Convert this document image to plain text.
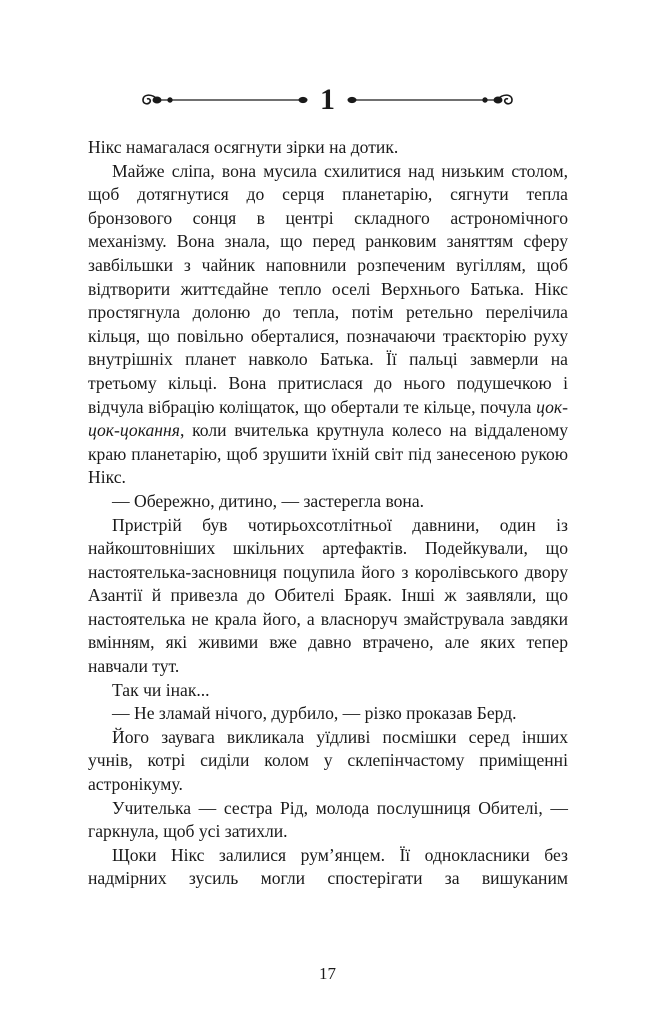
1

Нікс намагалася осягнути зірки на дотик.

Майже сліпа, вона мусила схилитися над низьким столом, щоб дотягнутися до серця планетарію, сягнути тепла бронзового сонця в центрі складного астрономічного механізму. Вона знала, що перед ранковим заняттям сферу завбільшки з чайник наповнили розпеченим вугіллям, щоб відтворити життєдайне тепло оселі Верхнього Батька. Нікс простягнула долоню до тепла, потім ретельно перелічила кільця, що повільно оберталися, позначаючи траєкторію руху внутрішніх планет навколо Батька. Її пальці завмерли на третьому кільці. Вона притислася до нього подушечкою і відчула вібрацію коліщаток, що обертали те кільце, почула цок-цок-цокання, коли вчителька крутнула колесо на віддаленому краю планетарію, щоб зрушити їхній світ під занесеною рукою Нікс.

— Обережно, дитино, — застерегла вона.

Пристрій був чотирьохсотлітньої давнини, один із найкоштовніших шкільних артефактів. Подейкували, що настоятелька-засновниця поцупила його з королівського двору Азантії й привезла до Обителі Браяк. Інші ж заявляли, що настоятелька не крала його, а власноруч змайструвала завдяки вмінням, які живими вже давно втрачено, але яких тепер навчали тут.

Так чи інак...

— Не зламай нічого, дурбило, — різко проказав Берд.

Його заувага викликала уїдливі посмішки серед інших учнів, котрі сиділи колом у склепінчастому приміщенні астронікуму.

Учителька — сестра Рід, молода послушниця Обителі, — гаркнула, щоб усі затихли.

Щоки Нікс залилися рум’янцем. Її однокласники без надмірних зусиль могли спостерігати за вишуканим

17
